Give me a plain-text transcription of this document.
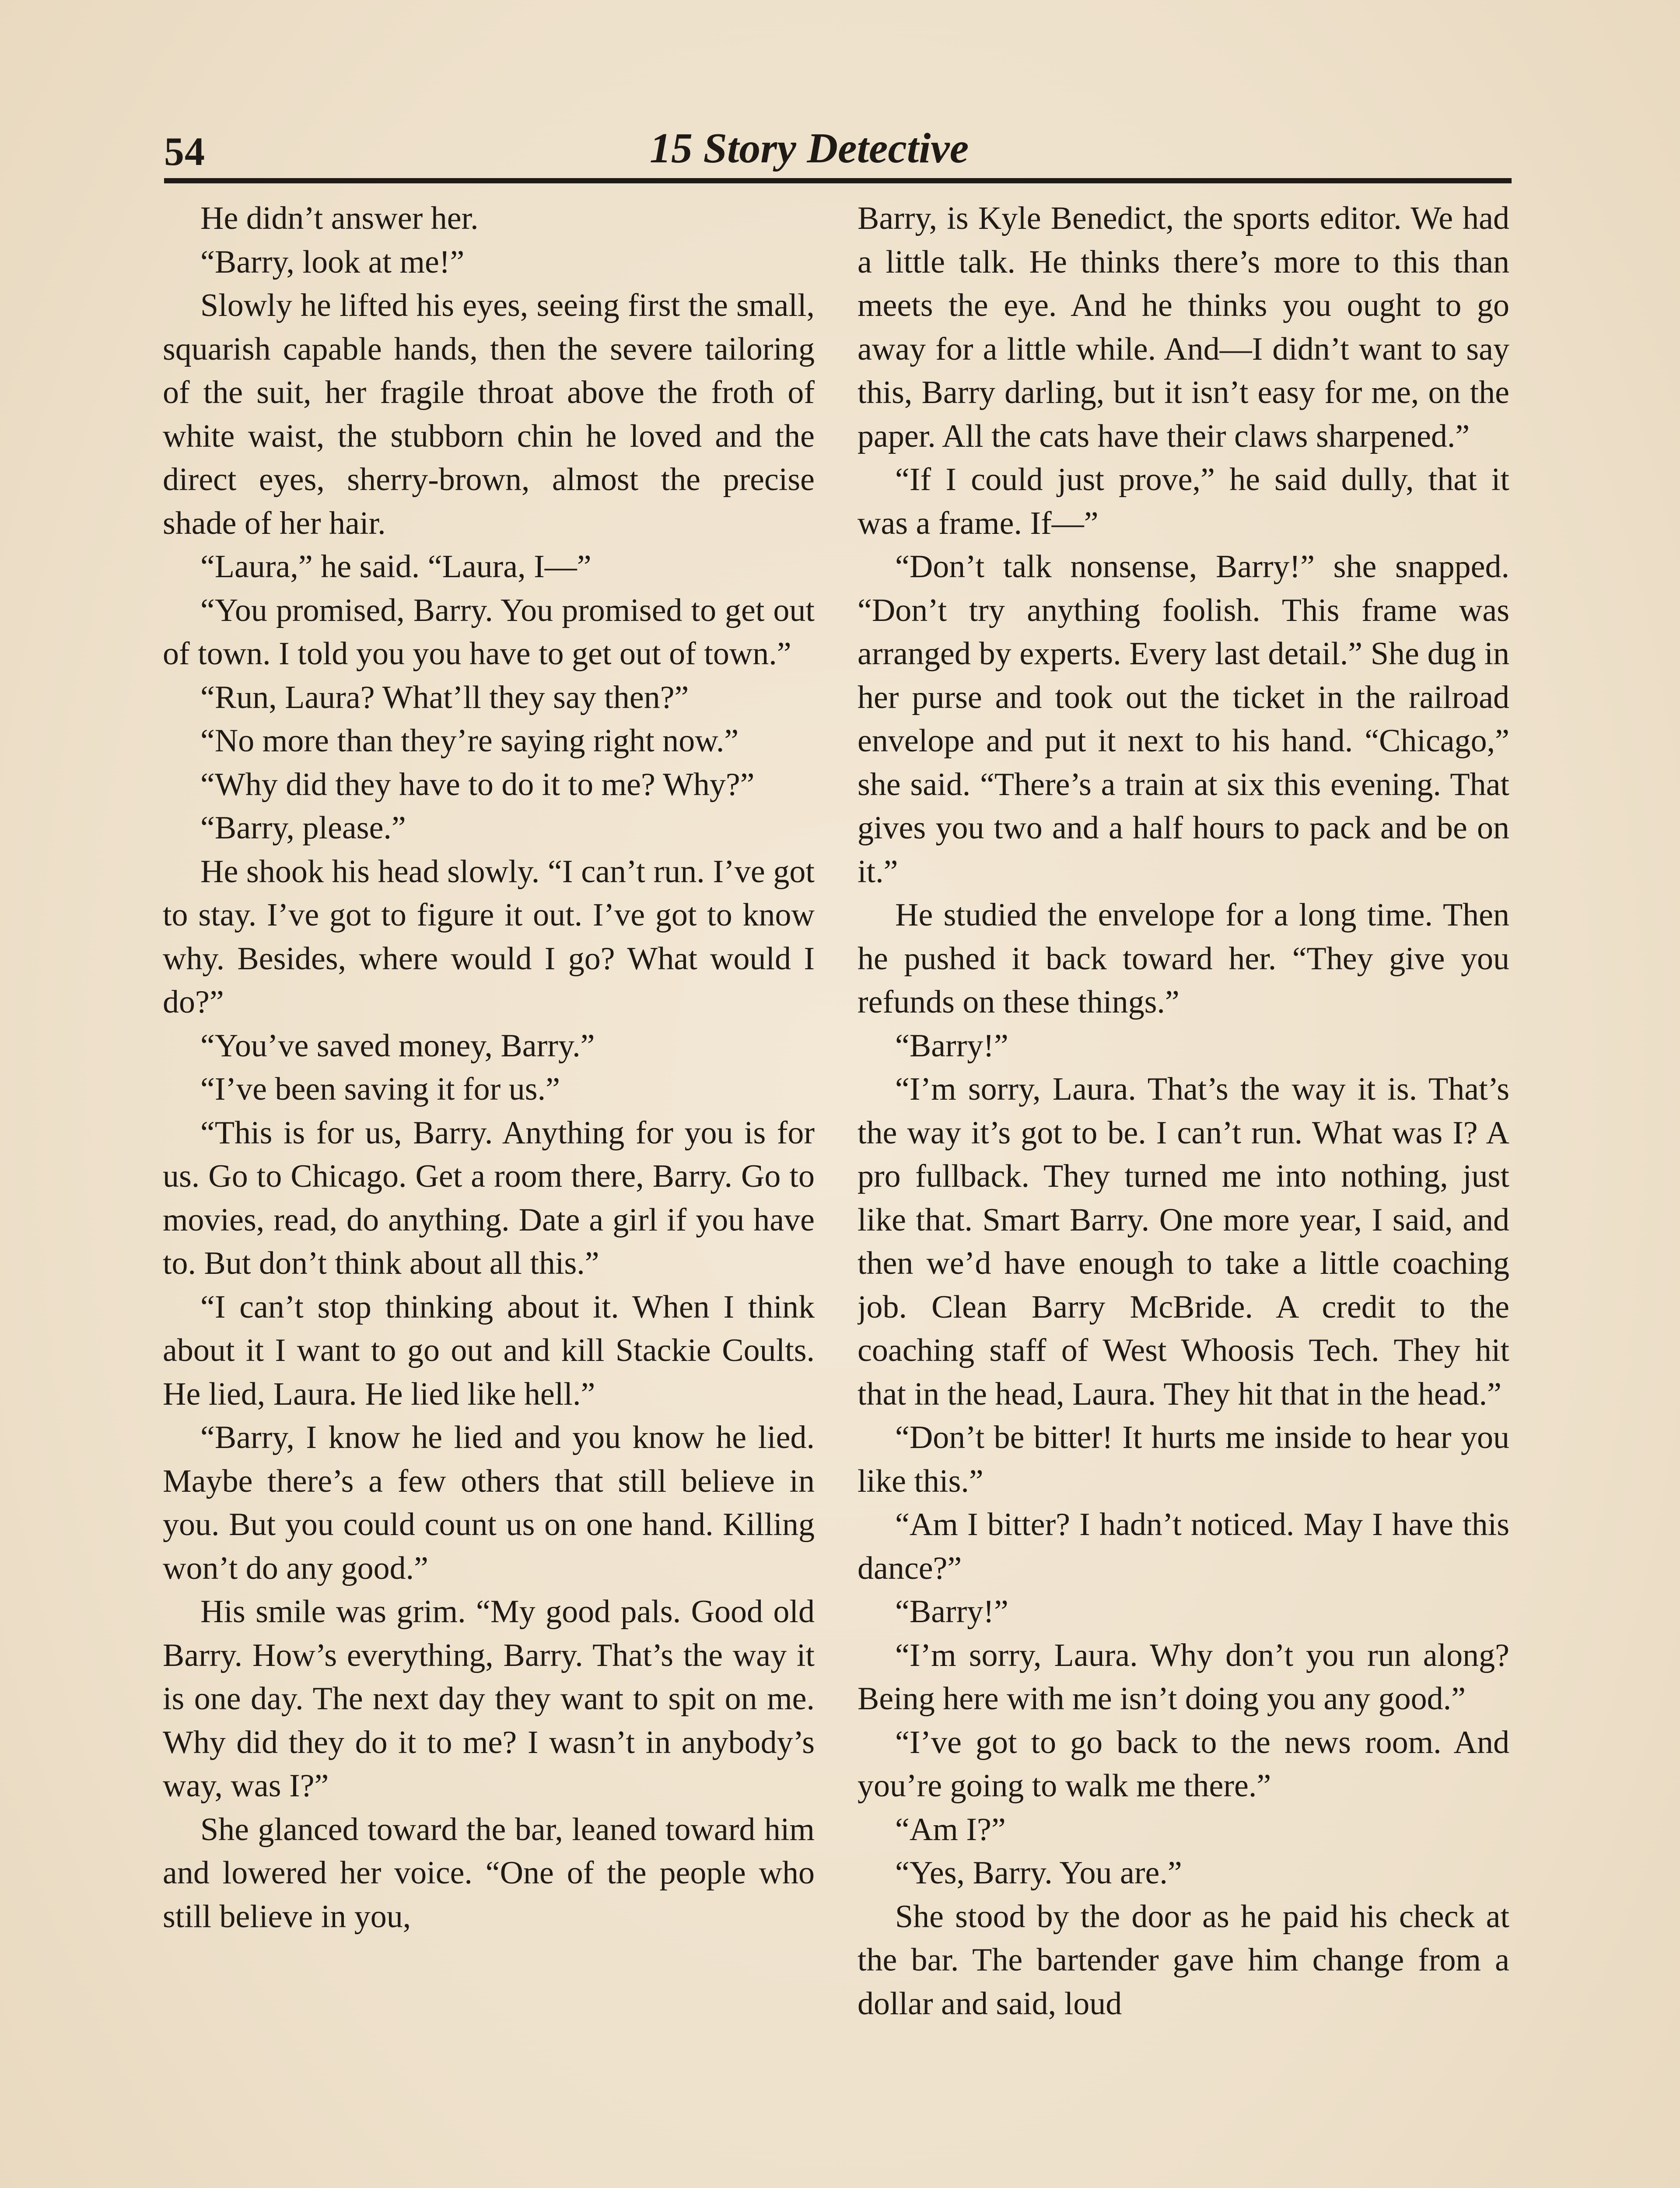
54	15 Story Detective

He didn’t answer her.

“Barry, look at me!”

Slowly he lifted his eyes, seeing first the small, squarish capable hands, then the severe tailoring of the suit, her fragile throat above the froth of white waist, the stubborn chin he loved and the direct eyes, sherry-brown, almost the precise shade of her hair.

“Laura,” he said. “Laura, I—”

“You promised, Barry. You promised to get out of town. I told you you have to get out of town.”

“Run, Laura? What’ll they say then?”

“No more than they’re saying right now.”

“Why did they have to do it to me? Why?”

“Barry, please.”

He shook his head slowly. “I can’t run. I’ve got to stay. I’ve got to figure it out. I’ve got to know why. Besides, where would I go? What would I do?”

“You’ve saved money, Barry.”

“I’ve been saving it for us.”

“This is for us, Barry. Anything for you is for us. Go to Chicago. Get a room there, Barry. Go to movies, read, do anything. Date a girl if you have to. But don’t think about all this.”

“I can’t stop thinking about it. When I think about it I want to go out and kill Stackie Coults. He lied, Laura. He lied like hell.”

“Barry, I know he lied and you know he lied. Maybe there’s a few others that still believe in you. But you could count us on one hand. Killing won’t do any good.”

His smile was grim. “My good pals. Good old Barry. How’s everything, Barry. That’s the way it is one day. The next day they want to spit on me. Why did they do it to me? I wasn’t in anybody’s way, was I?”

She glanced toward the bar, leaned toward him and lowered her voice. “One of the people who still believe in you,

Barry, is Kyle Benedict, the sports editor. We had a little talk. He thinks there’s more to this than meets the eye. And he thinks you ought to go away for a little while. And—I didn’t want to say this, Barry darling, but it isn’t easy for me, on the paper. All the cats have their claws sharpened.”

“If I could just prove,” he said dully, that it was a frame. If—”

“Don’t talk nonsense, Barry!” she snapped. “Don’t try anything foolish. This frame was arranged by experts. Every last detail.” She dug in her purse and took out the ticket in the railroad envelope and put it next to his hand. “Chicago,” she said. “There’s a train at six this evening. That gives you two and a half hours to pack and be on it.”

He studied the envelope for a long time. Then he pushed it back toward her. “They give you refunds on these things.”

“Barry!”

“I’m sorry, Laura. That’s the way it is. That’s the way it’s got to be. I can’t run. What was I? A pro fullback. They turned me into nothing, just like that. Smart Barry. One more year, I said, and then we’d have enough to take a little coaching job. Clean Barry McBride. A credit to the coaching staff of West Whoosis Tech. They hit that in the head, Laura. They hit that in the head.”

“Don’t be bitter! It hurts me inside to hear you like this.”

“Am I bitter? I hadn’t noticed. May I have this dance?”

“Barry!”

“I’m sorry, Laura. Why don’t you run along? Being here with me isn’t doing you any good.”

“I’ve got to go back to the news room. And you’re going to walk me there.”

“Am I?”

“Yes, Barry. You are.”

She stood by the door as he paid his check at the bar. The bartender gave him change from a dollar and said, loud
